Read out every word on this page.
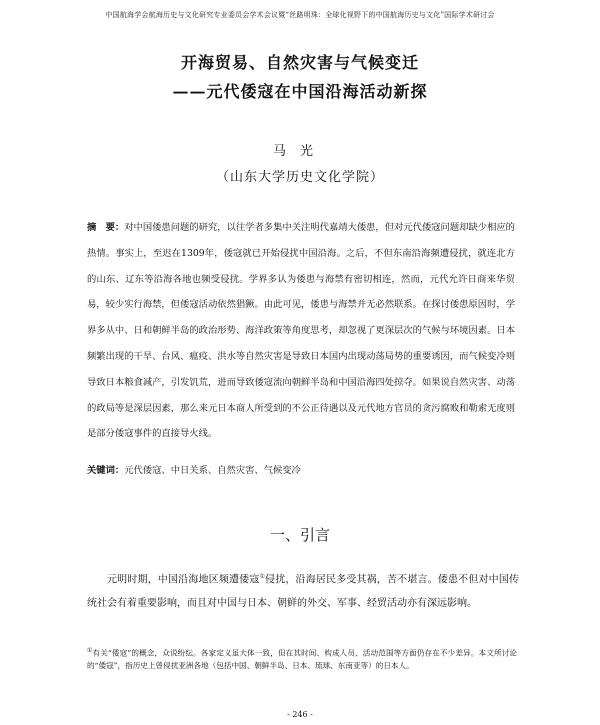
中国航海学会航海历史与文化研究专业委员会学术会议暨“丝路明珠：全球化视野下的中国航海历史与文化”国际学术研讨会
开海贸易、自然灾害与气候变迁
——元代倭寇在中国沿海活动新探
马光
（山东大学历史文化学院）
摘　要：对中国倭患问题的研究，以往学者多集中关注明代嘉靖大倭患，但对元代倭寇问题却缺少相应的热情。事实上，至迟在1309年，倭寇就已开始侵扰中国沿海。之后，不但东南沿海频遭侵扰，就连北方的山东、辽东等沿海各地也频受侵扰。学界多认为倭患与海禁有密切相连，然而，元代允许日商来华贸易，较少实行海禁，但倭寇活动依然猖獗。由此可见，倭患与海禁并无必然联系。在探讨倭患原因时，学界多从中、日和朝鲜半岛的政治形势、海洋政策等角度思考，却忽视了更深层次的气候与环境因素。日本频繁出现的干旱、台风、瘟疫、洪水等自然灾害是导致日本国内出现动荡局势的重要诱因，而气候变冷则导致日本粮食减产，引发饥荒，进而导致倭寇流向朝鲜半岛和中国沿海四处掠夺。如果说自然灾害、动荡的政局等是深层因素，那么来元日本商人所受到的不公正待遇以及元代地方官员的贪污腐败和勒索无度则是部分倭寇事件的直接导火线。
关键词：元代倭寇、中日关系、自然灾害、气候变冷
一、引言
元明时期，中国沿海地区频遭倭寇①侵扰，沿海居民多受其祸，苦不堪言。倭患不但对中国传统社会有着重要影响，而且对中国与日本、朝鲜的外交、军事、经贸活动亦有深远影响。
①有关“倭寇”的概念，众说纷纭。各家定义虽大体一致，但在其时间、构成人员、活动范围等方面仍存在不少差异。本文所讨论的“倭寇”，指历史上曾侵扰亚洲各地（包括中国、朝鲜半岛、日本、琉球、东南亚等）的日本人。
- 246 -
